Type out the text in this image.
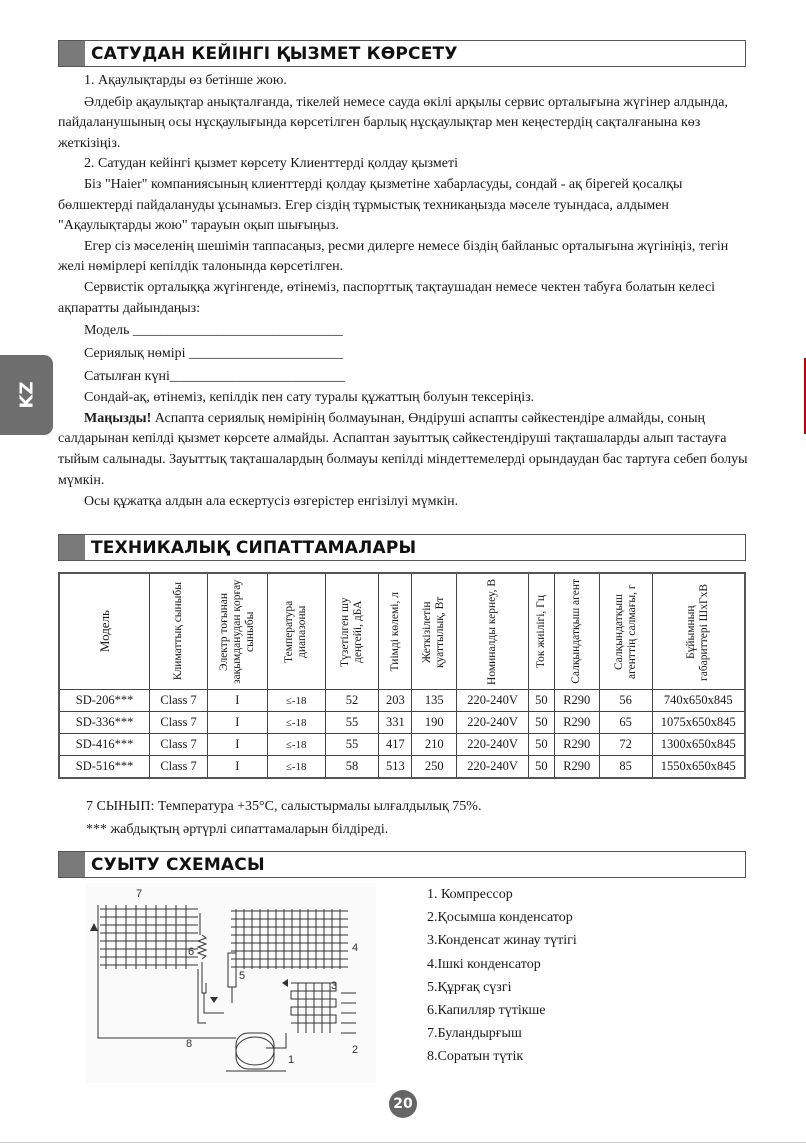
KZ
САТУДАН КЕЙІНГІ ҚЫЗМЕТ КӨРСЕТУ

1. Ақаулықтарды өз бетінше жою.

Әлдебір ақаулықтар анықталғанда, тікелей немесе сауда өкілі арқылы сервис орталығына жүгінер алдында, пайдаланушының осы нұсқаулығында көрсетілген барлық нұсқаулықтар мен кеңестердің сақталғанына көз жеткізіңіз.

2. Сатудан кейінгі қызмет көрсету Клиенттерді қолдау қызметі

Біз "Haier" компаниясының клиенттерді қолдау қызметіне хабарласуды, сондай - ақ бірегей қосалқы бөлшектерді пайдалануды ұсынамыз. Егер сіздің тұрмыстық техникаңызда мәселе туындаса, алдымен "Ақаулықтарды жою" тарауын оқып шығыңыз.

Егер сіз мәселенің шешімін таппасаңыз, ресми дилерге немесе біздің байланыс орталығына жүгініңіз, тегін желі нөмірлері кепілдік талонында көрсетілген.

Сервистік орталыққа жүгінгенде, өтінеміз, паспорттық тақтаушадан немесе чектен табуға болатын келесі ақпаратты дайындаңыз:

Модель ______________________________

Сериялық нөмірі ______________________

Сатылған күні_________________________

Сондай-ақ, өтінеміз, кепілдік пен сату туралы құжаттың болуын тексеріңіз.

Маңызды! Аспапта сериялық нөмірінің болмауынан, Өндіруші аспапты сәйкестендіре алмайды, соның салдарынан кепілді қызмет көрсете алмайды. Аспаптан зауыттық сәйкестендіруші тақташаларды алып тастауға тыйым салынады. Зауыттық тақташалардың болмауы кепілді міндеттемелерді орындаудан бас тартуға себеп болуы мүмкін.

Осы құжатқа алдын ала ескертусіз өзгерістер енгізілуі мүмкін.

ТЕХНИКАЛЫҚ СИПАТТАМАЛАРЫ
Модель	Климаттық сыныбы	Электр тоғынан зақымданудан қорғау сыныбы	Температура диапазоны	Түзетілген шу деңгейі, дБА	Тиімді көлемі, л	Жеткізілетін қуаттылық, Вт	Номиналды кернеу, В	Ток жиілігі, Гц	Салқындатқыш агент	Салқындатқыш агенттің салмағы, г	Бұйымның габариттері ШхГхВ

SD-206***	Class 7	I	≤-18	52	203	135	220-240V	50	R290	56	740x650x845
SD-336***	Class 7	I	≤-18	55	331	190	220-240V	50	R290	65	1075x650x845
SD-416***	Class 7	I	≤-18	55	417	210	220-240V	50	R290	72	1300x650x845
SD-516***	Class 7	I	≤-18	58	513	250	220-240V	50	R290	85	1550x650x845
7 СЫНЫП: Температура +35°С, салыстырмалы ылғалдылық 75%.
*** жабдықтың әртүрлі сипаттамаларын білдіреді.
СУЫТУ СХЕМАСЫ
7
6
5
4
3
8
1
2
1. Компрессор
2.Қосымша конденсатор
3.Конденсат жинау түтігі
4.Ішкі конденсатор
5.Құрғақ сүзгі
6.Капилляр түтікше
7.Буландырғыш
8.Соратын түтік
20
